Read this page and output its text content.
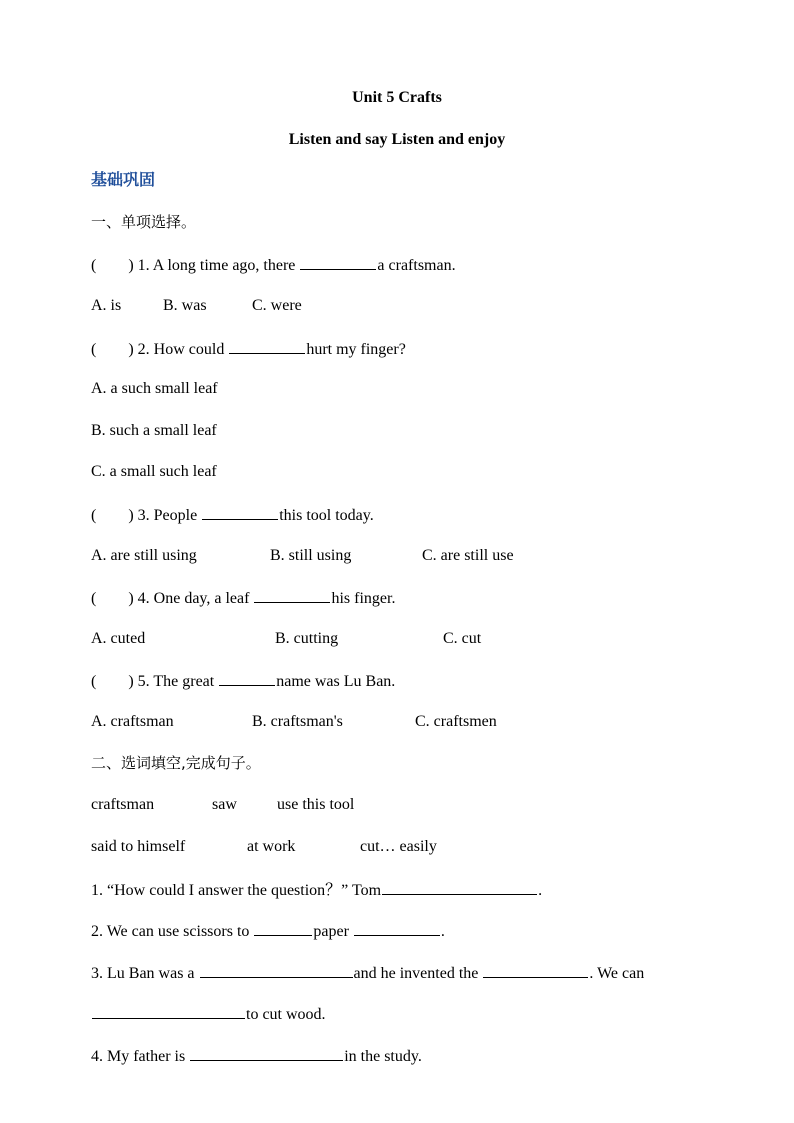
Unit 5 Crafts
Listen and say Listen and enjoy
基础巩固
一、单项选择。
(        ) 1. A long time ago, there	a craftsman.
A. is	B. was	C. were
(        ) 2. How could	hurt my finger?
A. a such small leaf
B. such a small leaf
C. a small such leaf
(        ) 3. People	this tool today.
A. are still using	B. still using	C. are still use
(        ) 4. One day, a leaf	his finger.
A. cuted	B. cutting	C. cut
(        ) 5. The great	name was Lu Ban.
A. craftsman	B. craftsman's	C. craftsmen
二、选词填空,完成句子。
craftsman	saw	use this tool
said to himself	at work	cut… easily
1. “How could I answer the question？” Tom	.
2. We can use scissors to	paper	.
3. Lu Ban was a	and he invented the	. We can
to cut wood.
4. My father is	in the study.
